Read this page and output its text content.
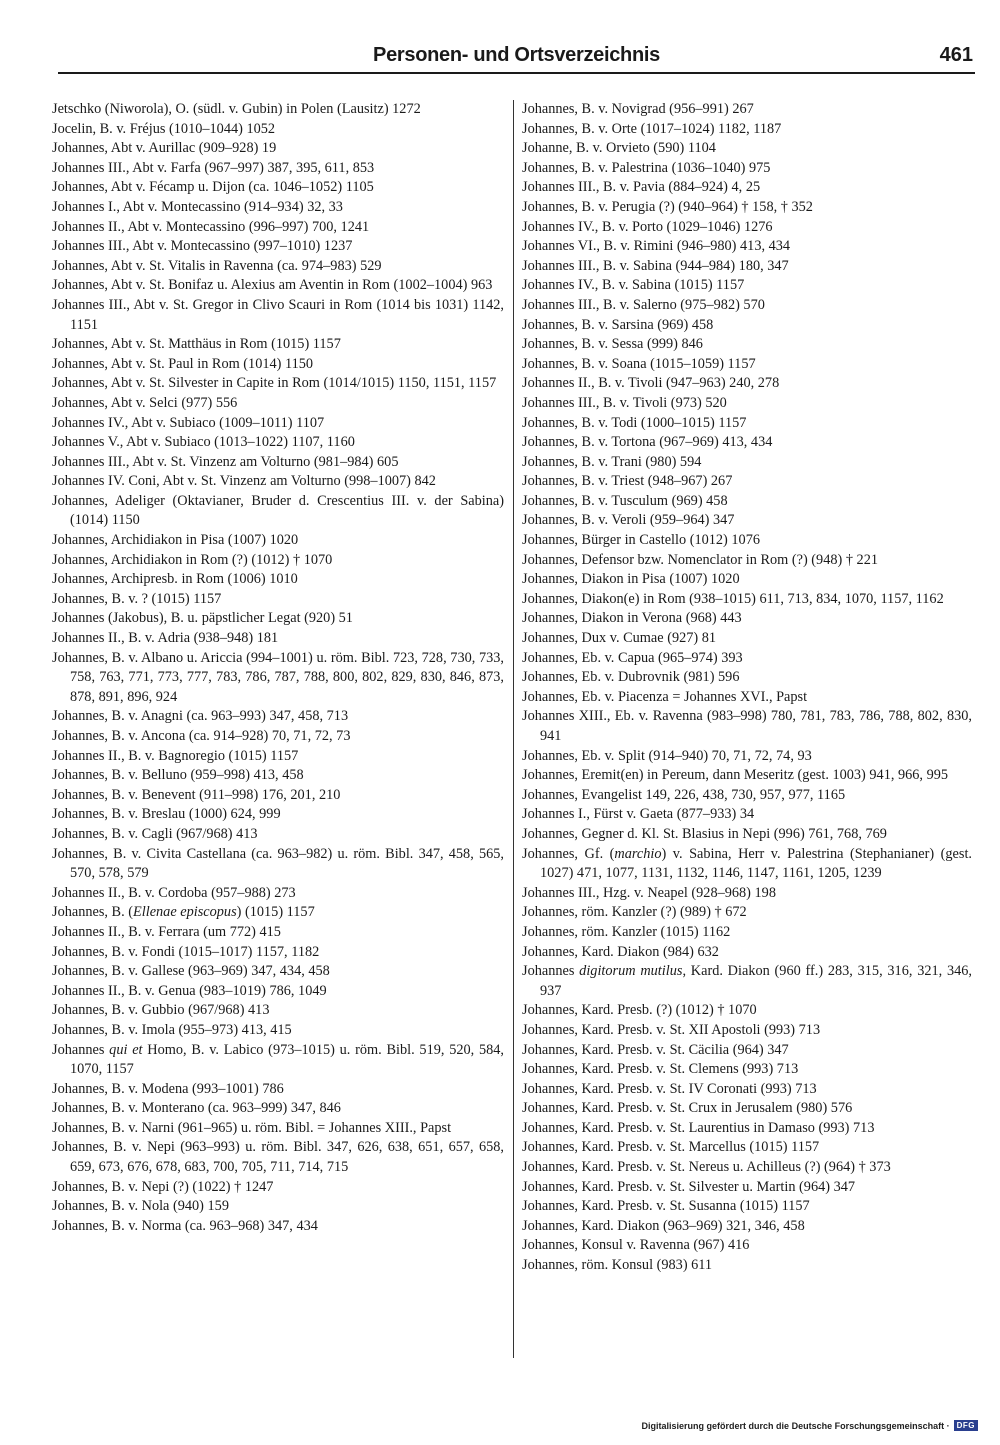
Personen- und Ortsverzeichnis	461

Jetschko (Niworola), O. (südl. v. Gubin) in Polen (Lausitz) 1272

Jocelin, B. v. Fréjus (1010–1044) 1052

Johannes, Abt v. Aurillac (909–928) 19

Johannes III., Abt v. Farfa (967–997) 387, 395, 611, 853

Johannes, Abt v. Fécamp u. Dijon (ca. 1046–1052) 1105

Johannes I., Abt v. Montecassino (914–934) 32, 33

Johannes II., Abt v. Montecassino (996–997) 700, 1241

Johannes III., Abt v. Montecassino (997–1010) 1237

Johannes, Abt v. St. Vitalis in Ravenna (ca. 974–983) 529

Johannes, Abt v. St. Bonifaz u. Alexius am Aventin in Rom (1002–1004) 963

Johannes III., Abt v. St. Gregor in Clivo Scauri in Rom (1014 bis 1031) 1142, 1151

Johannes, Abt v. St. Matthäus in Rom (1015) 1157

Johannes, Abt v. St. Paul in Rom (1014) 1150

Johannes, Abt v. St. Silvester in Capite in Rom (1014/1015) 1150, 1151, 1157

Johannes, Abt v. Selci (977) 556

Johannes IV., Abt v. Subiaco (1009–1011) 1107

Johannes V., Abt v. Subiaco (1013–1022) 1107, 1160

Johannes III., Abt v. St. Vinzenz am Volturno (981–984) 605

Johannes IV. Coni, Abt v. St. Vinzenz am Volturno (998–1007) 842

Johannes, Adeliger (Oktavianer, Bruder d. Crescentius III. v. der Sabina) (1014) 1150

Johannes, Archidiakon in Pisa (1007) 1020

Johannes, Archidiakon in Rom (?) (1012) † 1070

Johannes, Archipresb. in Rom (1006) 1010

Johannes, B. v. ? (1015) 1157

Johannes (Jakobus), B. u. päpstlicher Legat (920) 51

Johannes II., B. v. Adria (938–948) 181

Johannes, B. v. Albano u. Ariccia (994–1001) u. röm. Bibl. 723, 728, 730, 733, 758, 763, 771, 773, 777, 783, 786, 787, 788, 800, 802, 829, 830, 846, 873, 878, 891, 896, 924

Johannes, B. v. Anagni (ca. 963–993) 347, 458, 713

Johannes, B. v. Ancona (ca. 914–928) 70, 71, 72, 73

Johannes II., B. v. Bagnoregio (1015) 1157

Johannes, B. v. Belluno (959–998) 413, 458

Johannes, B. v. Benevent (911–998) 176, 201, 210

Johannes, B. v. Breslau (1000) 624, 999

Johannes, B. v. Cagli (967/968) 413

Johannes, B. v. Civita Castellana (ca. 963–982) u. röm. Bibl. 347, 458, 565, 570, 578, 579

Johannes II., B. v. Cordoba (957–988) 273

Johannes, B. (Ellenae episcopus) (1015) 1157

Johannes II., B. v. Ferrara (um 772) 415

Johannes, B. v. Fondi (1015–1017) 1157, 1182

Johannes, B. v. Gallese (963–969) 347, 434, 458

Johannes II., B. v. Genua (983–1019) 786, 1049

Johannes, B. v. Gubbio (967/968) 413

Johannes, B. v. Imola (955–973) 413, 415

Johannes qui et Homo, B. v. Labico (973–1015) u. röm. Bibl. 519, 520, 584, 1070, 1157

Johannes, B. v. Modena (993–1001) 786

Johannes, B. v. Monterano (ca. 963–999) 347, 846

Johannes, B. v. Narni (961–965) u. röm. Bibl. = Johannes XIII., Papst

Johannes, B. v. Nepi (963–993) u. röm. Bibl. 347, 626, 638, 651, 657, 658, 659, 673, 676, 678, 683, 700, 705, 711, 714, 715

Johannes, B. v. Nepi (?) (1022) † 1247

Johannes, B. v. Nola (940) 159

Johannes, B. v. Norma (ca. 963–968) 347, 434

Johannes, B. v. Novigrad (956–991) 267

Johannes, B. v. Orte (1017–1024) 1182, 1187

Johanne, B. v. Orvieto (590) 1104

Johannes, B. v. Palestrina (1036–1040) 975

Johannes III., B. v. Pavia (884–924) 4, 25

Johannes, B. v. Perugia (?) (940–964) † 158, † 352

Johannes IV., B. v. Porto (1029–1046) 1276

Johannes VI., B. v. Rimini (946–980) 413, 434

Johannes III., B. v. Sabina (944–984) 180, 347

Johannes IV., B. v. Sabina (1015) 1157

Johannes III., B. v. Salerno (975–982) 570

Johannes, B. v. Sarsina (969) 458

Johannes, B. v. Sessa (999) 846

Johannes, B. v. Soana (1015–1059) 1157

Johannes II., B. v. Tivoli (947–963) 240, 278

Johannes III., B. v. Tivoli (973) 520

Johannes, B. v. Todi (1000–1015) 1157

Johannes, B. v. Tortona (967–969) 413, 434

Johannes, B. v. Trani (980) 594

Johannes, B. v. Triest (948–967) 267

Johannes, B. v. Tusculum (969) 458

Johannes, B. v. Veroli (959–964) 347

Johannes, Bürger in Castello (1012) 1076

Johannes, Defensor bzw. Nomenclator in Rom (?) (948) † 221

Johannes, Diakon in Pisa (1007) 1020

Johannes, Diakon(e) in Rom (938–1015) 611, 713, 834, 1070, 1157, 1162

Johannes, Diakon in Verona (968) 443

Johannes, Dux v. Cumae (927) 81

Johannes, Eb. v. Capua (965–974) 393

Johannes, Eb. v. Dubrovnik (981) 596

Johannes, Eb. v. Piacenza = Johannes XVI., Papst

Johannes XIII., Eb. v. Ravenna (983–998) 780, 781, 783, 786, 788, 802, 830, 941

Johannes, Eb. v. Split (914–940) 70, 71, 72, 74, 93

Johannes, Eremit(en) in Pereum, dann Meseritz (gest. 1003) 941, 966, 995

Johannes, Evangelist 149, 226, 438, 730, 957, 977, 1165

Johannes I., Fürst v. Gaeta (877–933) 34

Johannes, Gegner d. Kl. St. Blasius in Nepi (996) 761, 768, 769

Johannes, Gf. (marchio) v. Sabina, Herr v. Palestrina (Stephanianer) (gest. 1027) 471, 1077, 1131, 1132, 1146, 1147, 1161, 1205, 1239

Johannes III., Hzg. v. Neapel (928–968) 198

Johannes, röm. Kanzler (?) (989) † 672

Johannes, röm. Kanzler (1015) 1162

Johannes, Kard. Diakon (984) 632

Johannes digitorum mutilus, Kard. Diakon (960 ff.) 283, 315, 316, 321, 346, 937

Johannes, Kard. Presb. (?) (1012) † 1070

Johannes, Kard. Presb. v. St. XII Apostoli (993) 713

Johannes, Kard. Presb. v. St. Cäcilia (964) 347

Johannes, Kard. Presb. v. St. Clemens (993) 713

Johannes, Kard. Presb. v. St. IV Coronati (993) 713

Johannes, Kard. Presb. v. St. Crux in Jerusalem (980) 576

Johannes, Kard. Presb. v. St. Laurentius in Damaso (993) 713

Johannes, Kard. Presb. v. St. Marcellus (1015) 1157

Johannes, Kard. Presb. v. St. Nereus u. Achilleus (?) (964) † 373

Johannes, Kard. Presb. v. St. Silvester u. Martin (964) 347

Johannes, Kard. Presb. v. St. Susanna (1015) 1157

Johannes, Kard. Diakon (963–969) 321, 346, 458

Johannes, Konsul v. Ravenna (967) 416

Johannes, röm. Konsul (983) 611

Digitalisierung gefördert durch die Deutsche Forschungsgemeinschaft · DFG
